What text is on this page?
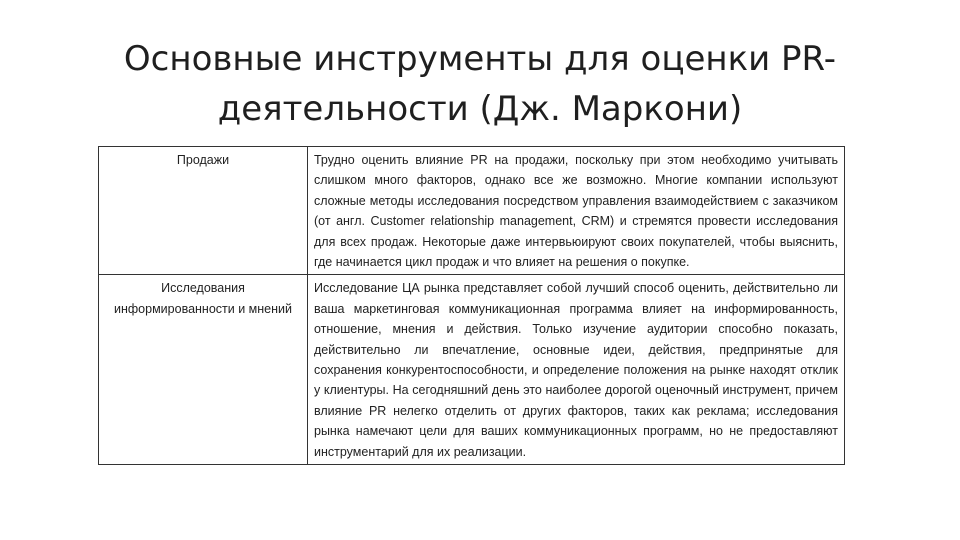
Основные инструменты для оценки PR-
деятельности (Дж. Маркони)
Продажи	Трудно оценить влияние PR на продажи, поскольку при этом необходимо учитывать слишком много факторов, однако все же возможно. Многие компании используют сложные методы исследования посредством управления взаимодействием с заказчиком (от англ. Customer relationship management, CRM) и стремятся провести исследования для всех продаж. Некоторые даже интервьюируют своих покупателей, чтобы выяснить, где начинается цикл продаж и что влияет на решения о покупке.
Исследования информированности и мнений	Исследование ЦА рынка представляет собой лучший способ оценить, действительно ли ваша маркетинговая коммуникационная программа влияет на информированность, отношение, мнения и действия. Только изучение аудитории способно показать, действительно ли впечатление, основные идеи, действия, предпринятые для сохранения конкурентоспособности, и определение положения на рынке находят отклик у клиентуры. На сегодняшний день это наиболее дорогой оценочный инструмент, причем влияние PR нелегко отделить от других факторов, таких как реклама; исследования рынка намечают цели для ваших коммуникационных программ, но не предоставляют инструментарий для их реализации.
